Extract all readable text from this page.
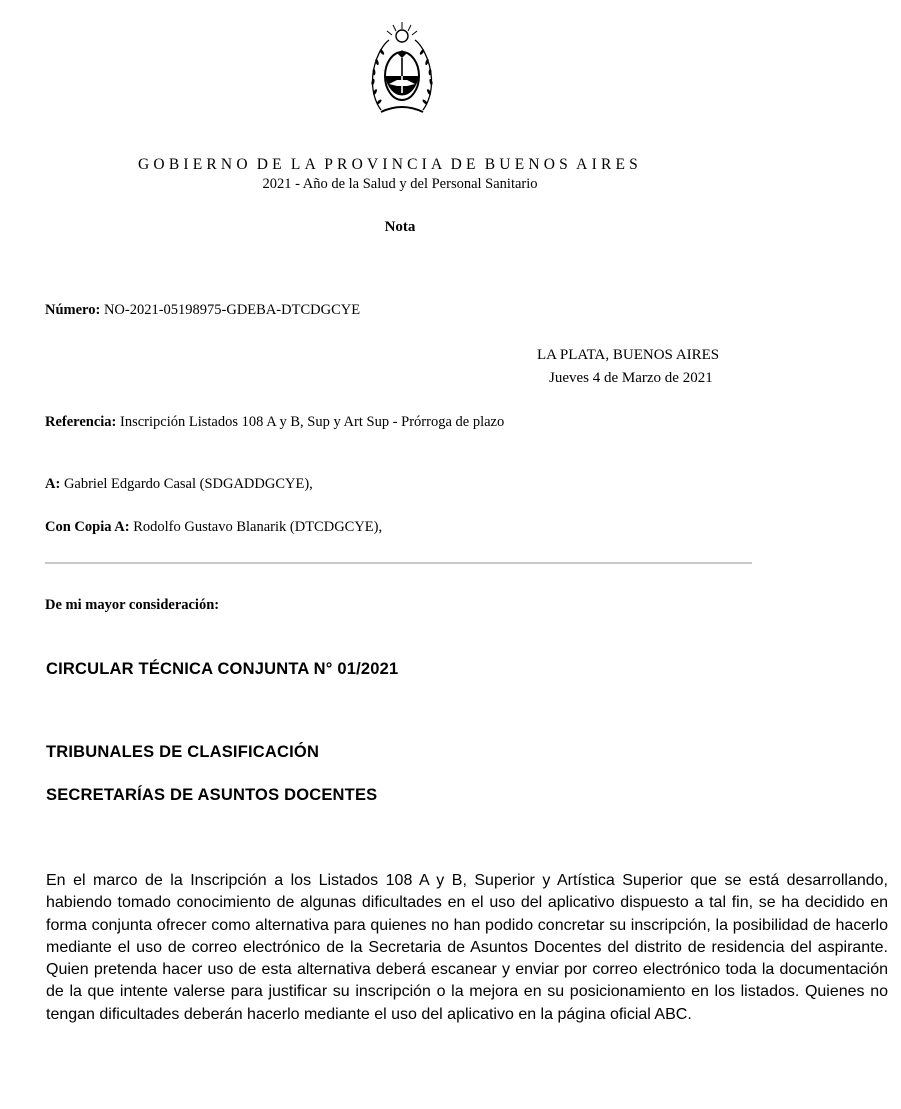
GOBIERNO DE LA PROVINCIA DE BUENOS AIRES
2021 - Año de la Salud y del Personal Sanitario
Nota
Número: NO-2021-05198975-GDEBA-DTCDGCYE
LA PLATA, BUENOS AIRES
Jueves 4 de Marzo de 2021
Referencia: Inscripción Listados 108 A y B, Sup y Art Sup - Prórroga de plazo
A: Gabriel Edgardo Casal (SDGADDGCYE),
Con Copia A: Rodolfo Gustavo Blanarik (DTCDGCYE),
De mi mayor consideración:
CIRCULAR TÉCNICA CONJUNTA N° 01/2021
TRIBUNALES DE CLASIFICACIÓN
SECRETARÍAS DE ASUNTOS DOCENTES
En el marco de la Inscripción a los Listados 108 A y B, Superior y Artística Superior que se está desarrollando, habiendo tomado conocimiento de algunas dificultades en el uso del aplicativo dispuesto a tal fin, se ha decidido en forma conjunta ofrecer como alternativa para quienes no han podido concretar su inscripción, la posibilidad de hacerlo mediante el uso de correo electrónico de la Secretaria de Asuntos Docentes del distrito de residencia del aspirante. Quien pretenda hacer uso de esta alternativa deberá escanear y enviar por correo electrónico toda la documentación de la que intente valerse para justificar su inscripción o la mejora en su posicionamiento en los listados. Quienes no tengan dificultades deberán hacerlo mediante el uso del aplicativo en la página oficial ABC.
